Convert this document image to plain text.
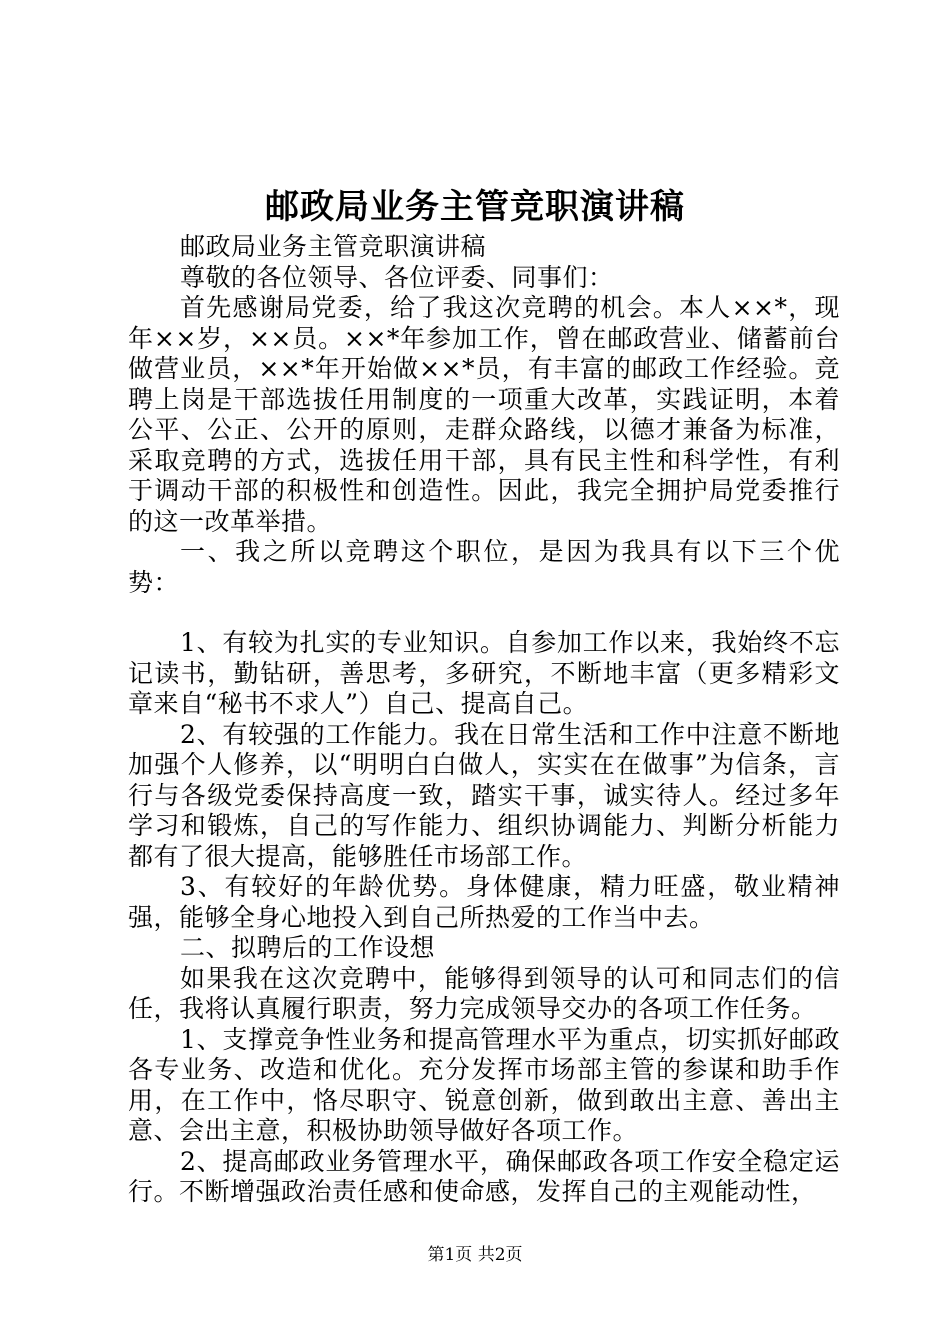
邮政局业务主管竞职演讲稿

邮政局业务主管竞职演讲稿

尊敬的各位领导、各位评委、同事们：

首先感谢局党委，给了我这次竞聘的机会。本人××*，现年××岁，××员。××*年参加工作，曾在邮政营业、储蓄前台做营业员，××*年开始做××*员，有丰富的邮政工作经验。竞聘上岗是干部选拔任用制度的一项重大改革，实践证明，本着公平、公正、公开的原则，走群众路线，以德才兼备为标准，采取竞聘的方式，选拔任用干部，具有民主性和科学性，有利于调动干部的积极性和创造性。因此，我完全拥护局党委推行的这一改革举措。

一、我之所以竞聘这个职位，是因为我具有以下三个优势：

1、有较为扎实的专业知识。自参加工作以来，我始终不忘记读书，勤钻研，善思考，多研究，不断地丰富（更多精彩文章来自“秘书不求人”）自己、提高自己。

2、有较强的工作能力。我在日常生活和工作中注意不断地加强个人修养，以“明明白白做人，实实在在做事”为信条，言行与各级党委保持高度一致，踏实干事，诚实待人。经过多年学习和锻炼，自己的写作能力、组织协调能力、判断分析能力都有了很大提高，能够胜任市场部工作。

3、有较好的年龄优势。身体健康，精力旺盛，敬业精神强，能够全身心地投入到自己所热爱的工作当中去。

二、拟聘后的工作设想

如果我在这次竞聘中，能够得到领导的认可和同志们的信任，我将认真履行职责，努力完成领导交办的各项工作任务。

1、支撑竞争性业务和提高管理水平为重点，切实抓好邮政各专业务、改造和优化。充分发挥市场部主管的参谋和助手作用，在工作中，恪尽职守、锐意创新，做到敢出主意、善出主意、会出主意，积极协助领导做好各项工作。

2、提高邮政业务管理水平，确保邮政各项工作安全稳定运行。不断增强政治责任感和使命感，发挥自己的主观能动性，

第1页 共2页
